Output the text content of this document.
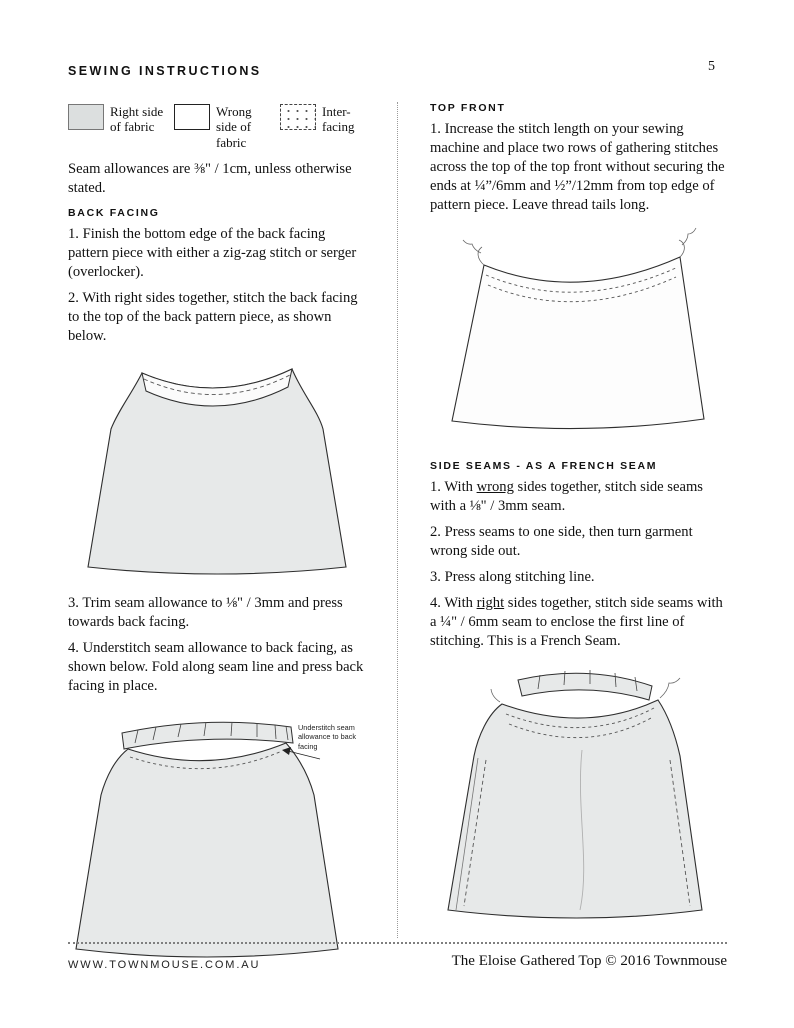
SEWING INSTRUCTIONS	5
Right side of fabric
Wrong side of fabric
Inter-facing

Seam allowances are ⅜" / 1cm, unless otherwise stated.

BACK FACING

1. Finish the bottom edge of the back facing pattern piece with either a zig-zag stitch or serger (overlocker).

2. With right sides together, stitch the back facing to the top of the back pattern piece, as shown below.

3. Trim seam allowance to ⅛" / 3mm and press towards back facing.

4. Understitch seam allowance to back facing, as shown below. Fold along seam line and press back facing in place.

Understitch seam allowance to back facing
TOP FRONT

1. Increase the stitch length on your sewing machine and place two rows of gathering stitches across the top of the top front without securing the ends at ¼”/6mm and ½”/12mm from top edge of pattern piece. Leave thread tails long.

SIDE SEAMS - AS A FRENCH SEAM

1. With wrong sides together, stitch side seams with a ⅛" / 3mm seam.

2. Press seams to one side, then turn garment wrong side out.

3. Press along stitching line.

4. With right sides together, stitch side seams with a ¼" / 6mm seam to enclose the first line of stitching. This is a French Seam.

WWW.TOWNMOUSE.COM.AU	The Eloise Gathered Top © 2016 Townmouse
